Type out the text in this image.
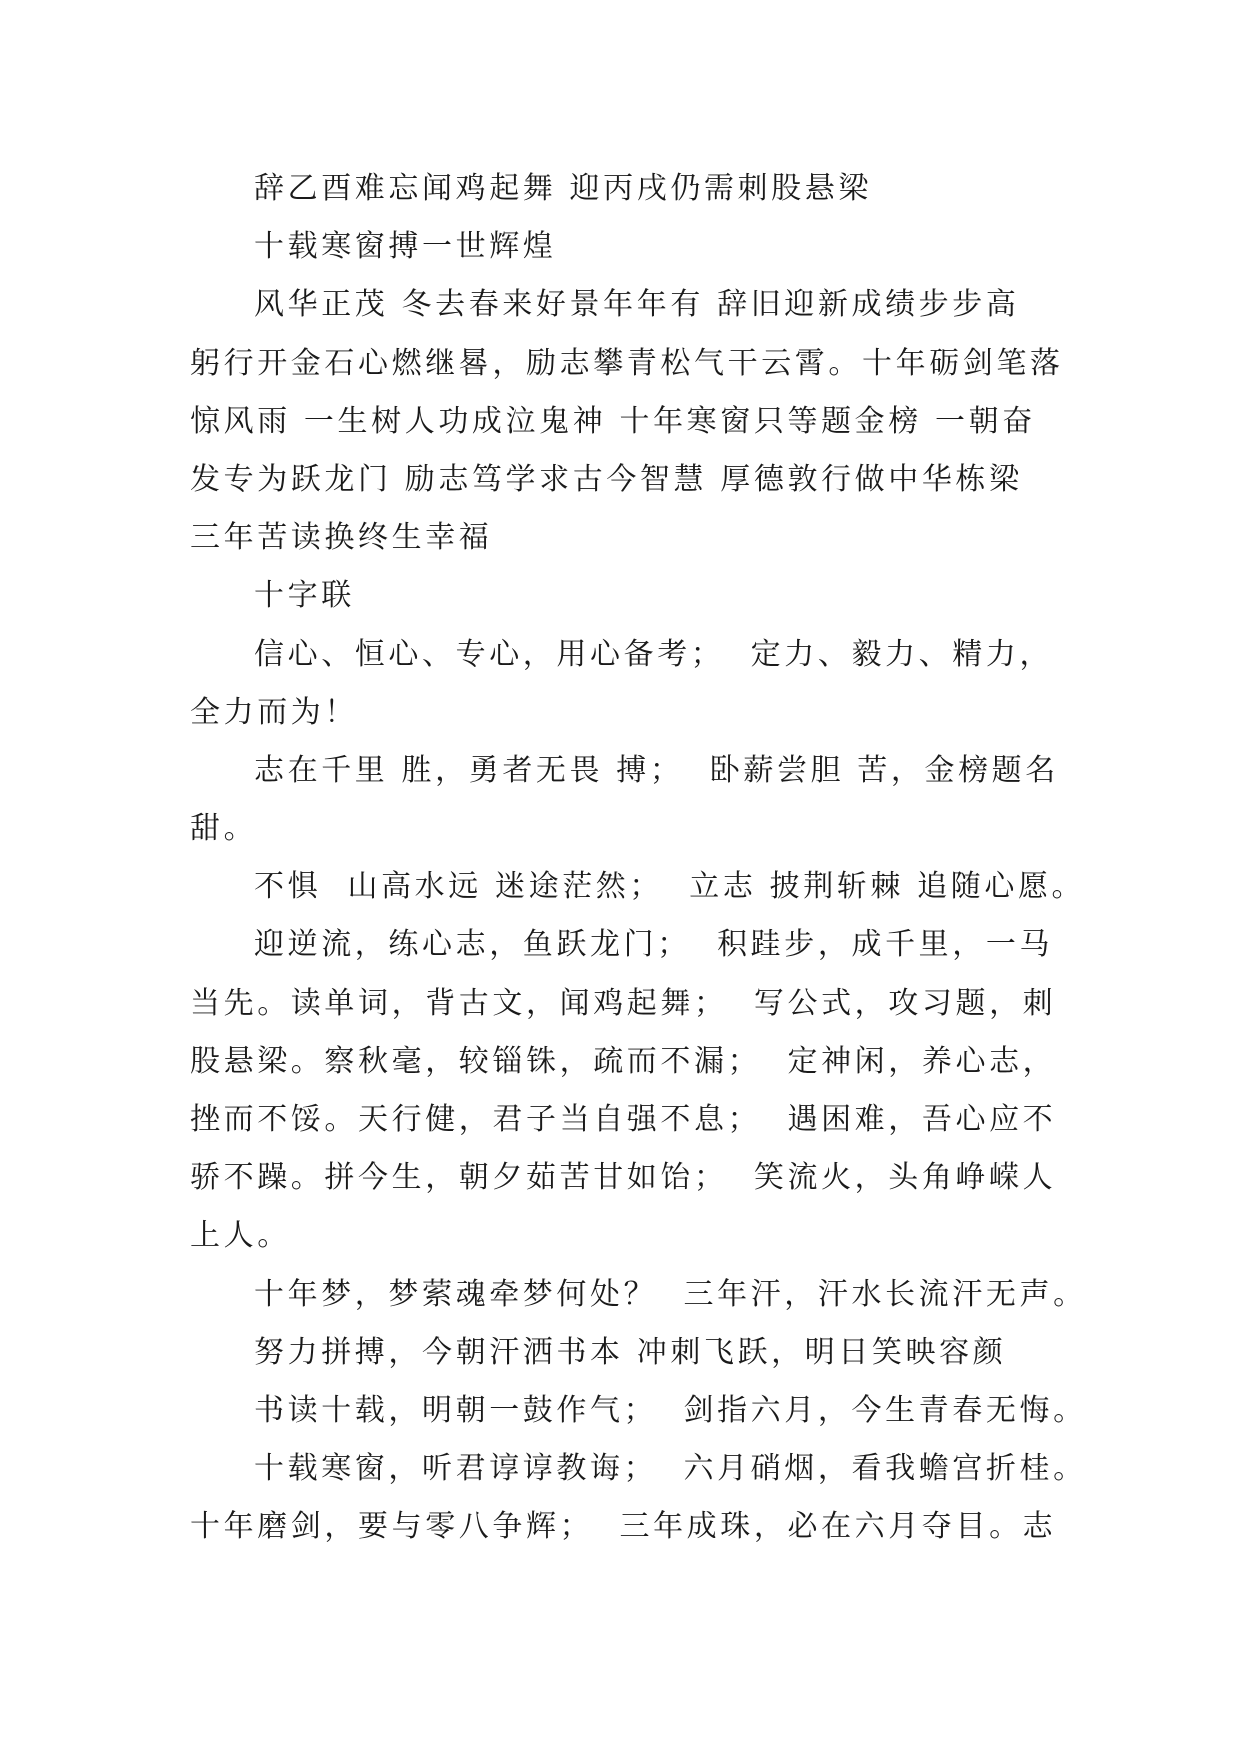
辞乙酉难忘闻鸡起舞 迎丙戌仍需刺股悬梁
十载寒窗搏一世辉煌
风华正茂 冬去春来好景年年有 辞旧迎新成绩步步高
躬行开金石心燃继晷，励志攀青松气干云霄。十年砺剑笔落
惊风雨 一生树人功成泣鬼神 十年寒窗只等题金榜 一朝奋
发专为跃龙门 励志笃学求古今智慧 厚德敦行做中华栋梁
三年苦读换终生幸福
十字联
信心、恒心、专心，用心备考；  定力、毅力、精力，
全力而为！
志在千里 胜，勇者无畏 搏；  卧薪尝胆 苦，金榜题名
甜。
不惧  山高水远 迷途茫然；  立志 披荆斩棘 追随心愿。
迎逆流，练心志，鱼跃龙门；  积跬步，成千里，一马
当先。读单词，背古文，闻鸡起舞；  写公式，攻习题，刺
股悬梁。察秋毫，较锱铢，疏而不漏；  定神闲，养心志，
挫而不馁。天行健，君子当自强不息；  遇困难，吾心应不
骄不躁。拼今生，朝夕茹苦甘如饴；  笑流火，头角峥嵘人
上人。
十年梦，梦萦魂牵梦何处？  三年汗，汗水长流汗无声。
努力拼搏，今朝汗洒书本 冲刺飞跃，明日笑映容颜
书读十载，明朝一鼓作气；  剑指六月，今生青春无悔。
十载寒窗，听君谆谆教诲；  六月硝烟，看我蟾宫折桂。
十年磨剑，要与零八争辉；  三年成珠，必在六月夺目。志
